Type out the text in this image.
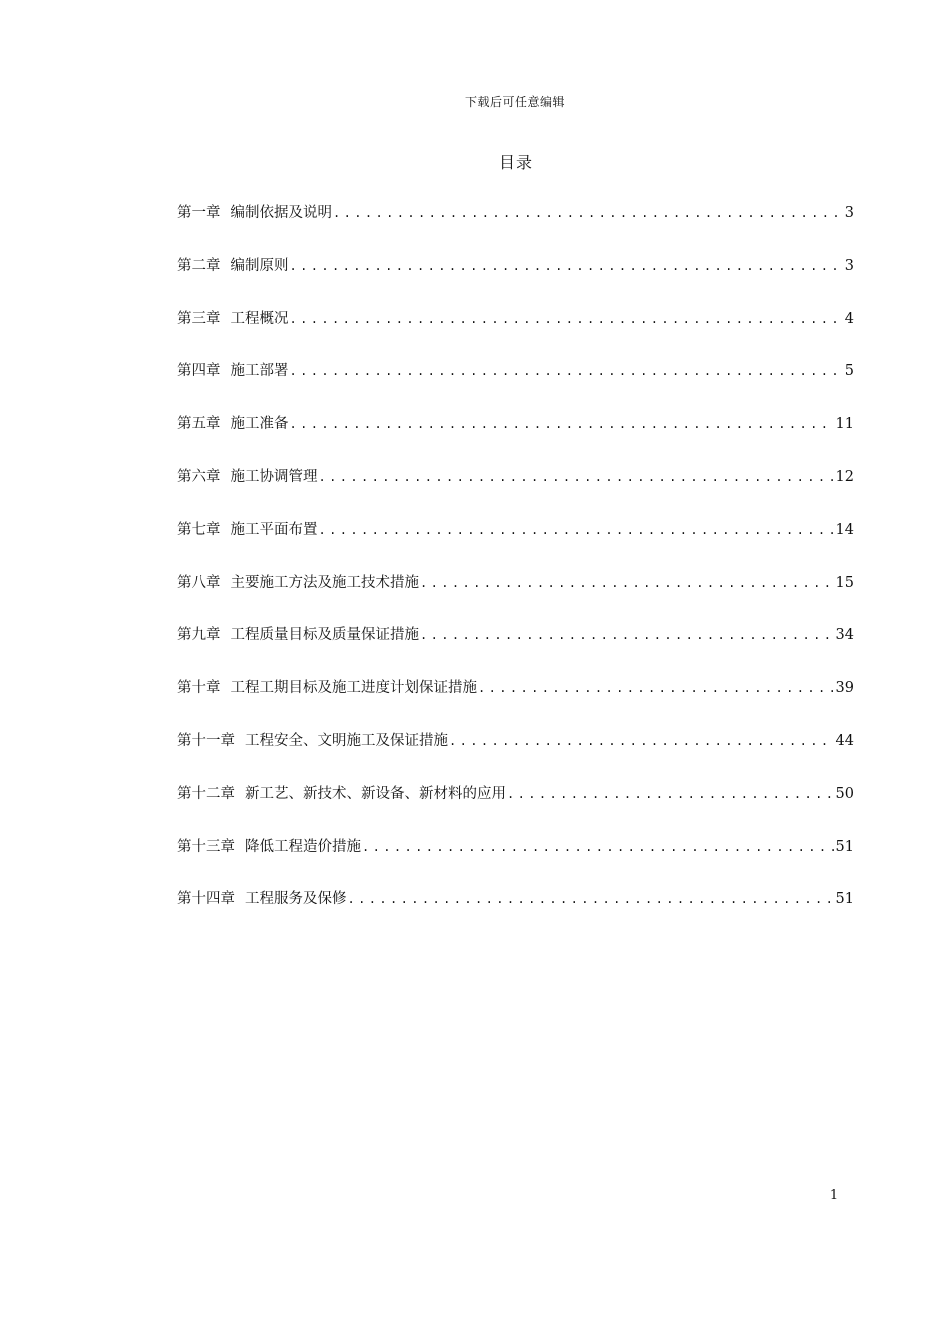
下载后可任意编辑
目录
第一章 编制依据及说明 .....	3
第二章 编制原则 .....	3
第三章 工程概况 .....	4
第四章 施工部署 .....	5
第五章 施工准备 .....	11
第六章 施工协调管理 .....	12
第七章 施工平面布置 .....	14
第八章 主要施工方法及施工技术措施 .....	15
第九章 工程质量目标及质量保证措施 .....	34
第十章 工程工期目标及施工进度计划保证措施 .....	39
第十一章 工程安全、文明施工及保证措施 .....	44
第十二章 新工艺、新技术、新设备、新材料的应用 .....	50
第十三章 降低工程造价措施 .....	51
第十四章 工程服务及保修 .....	51
1
